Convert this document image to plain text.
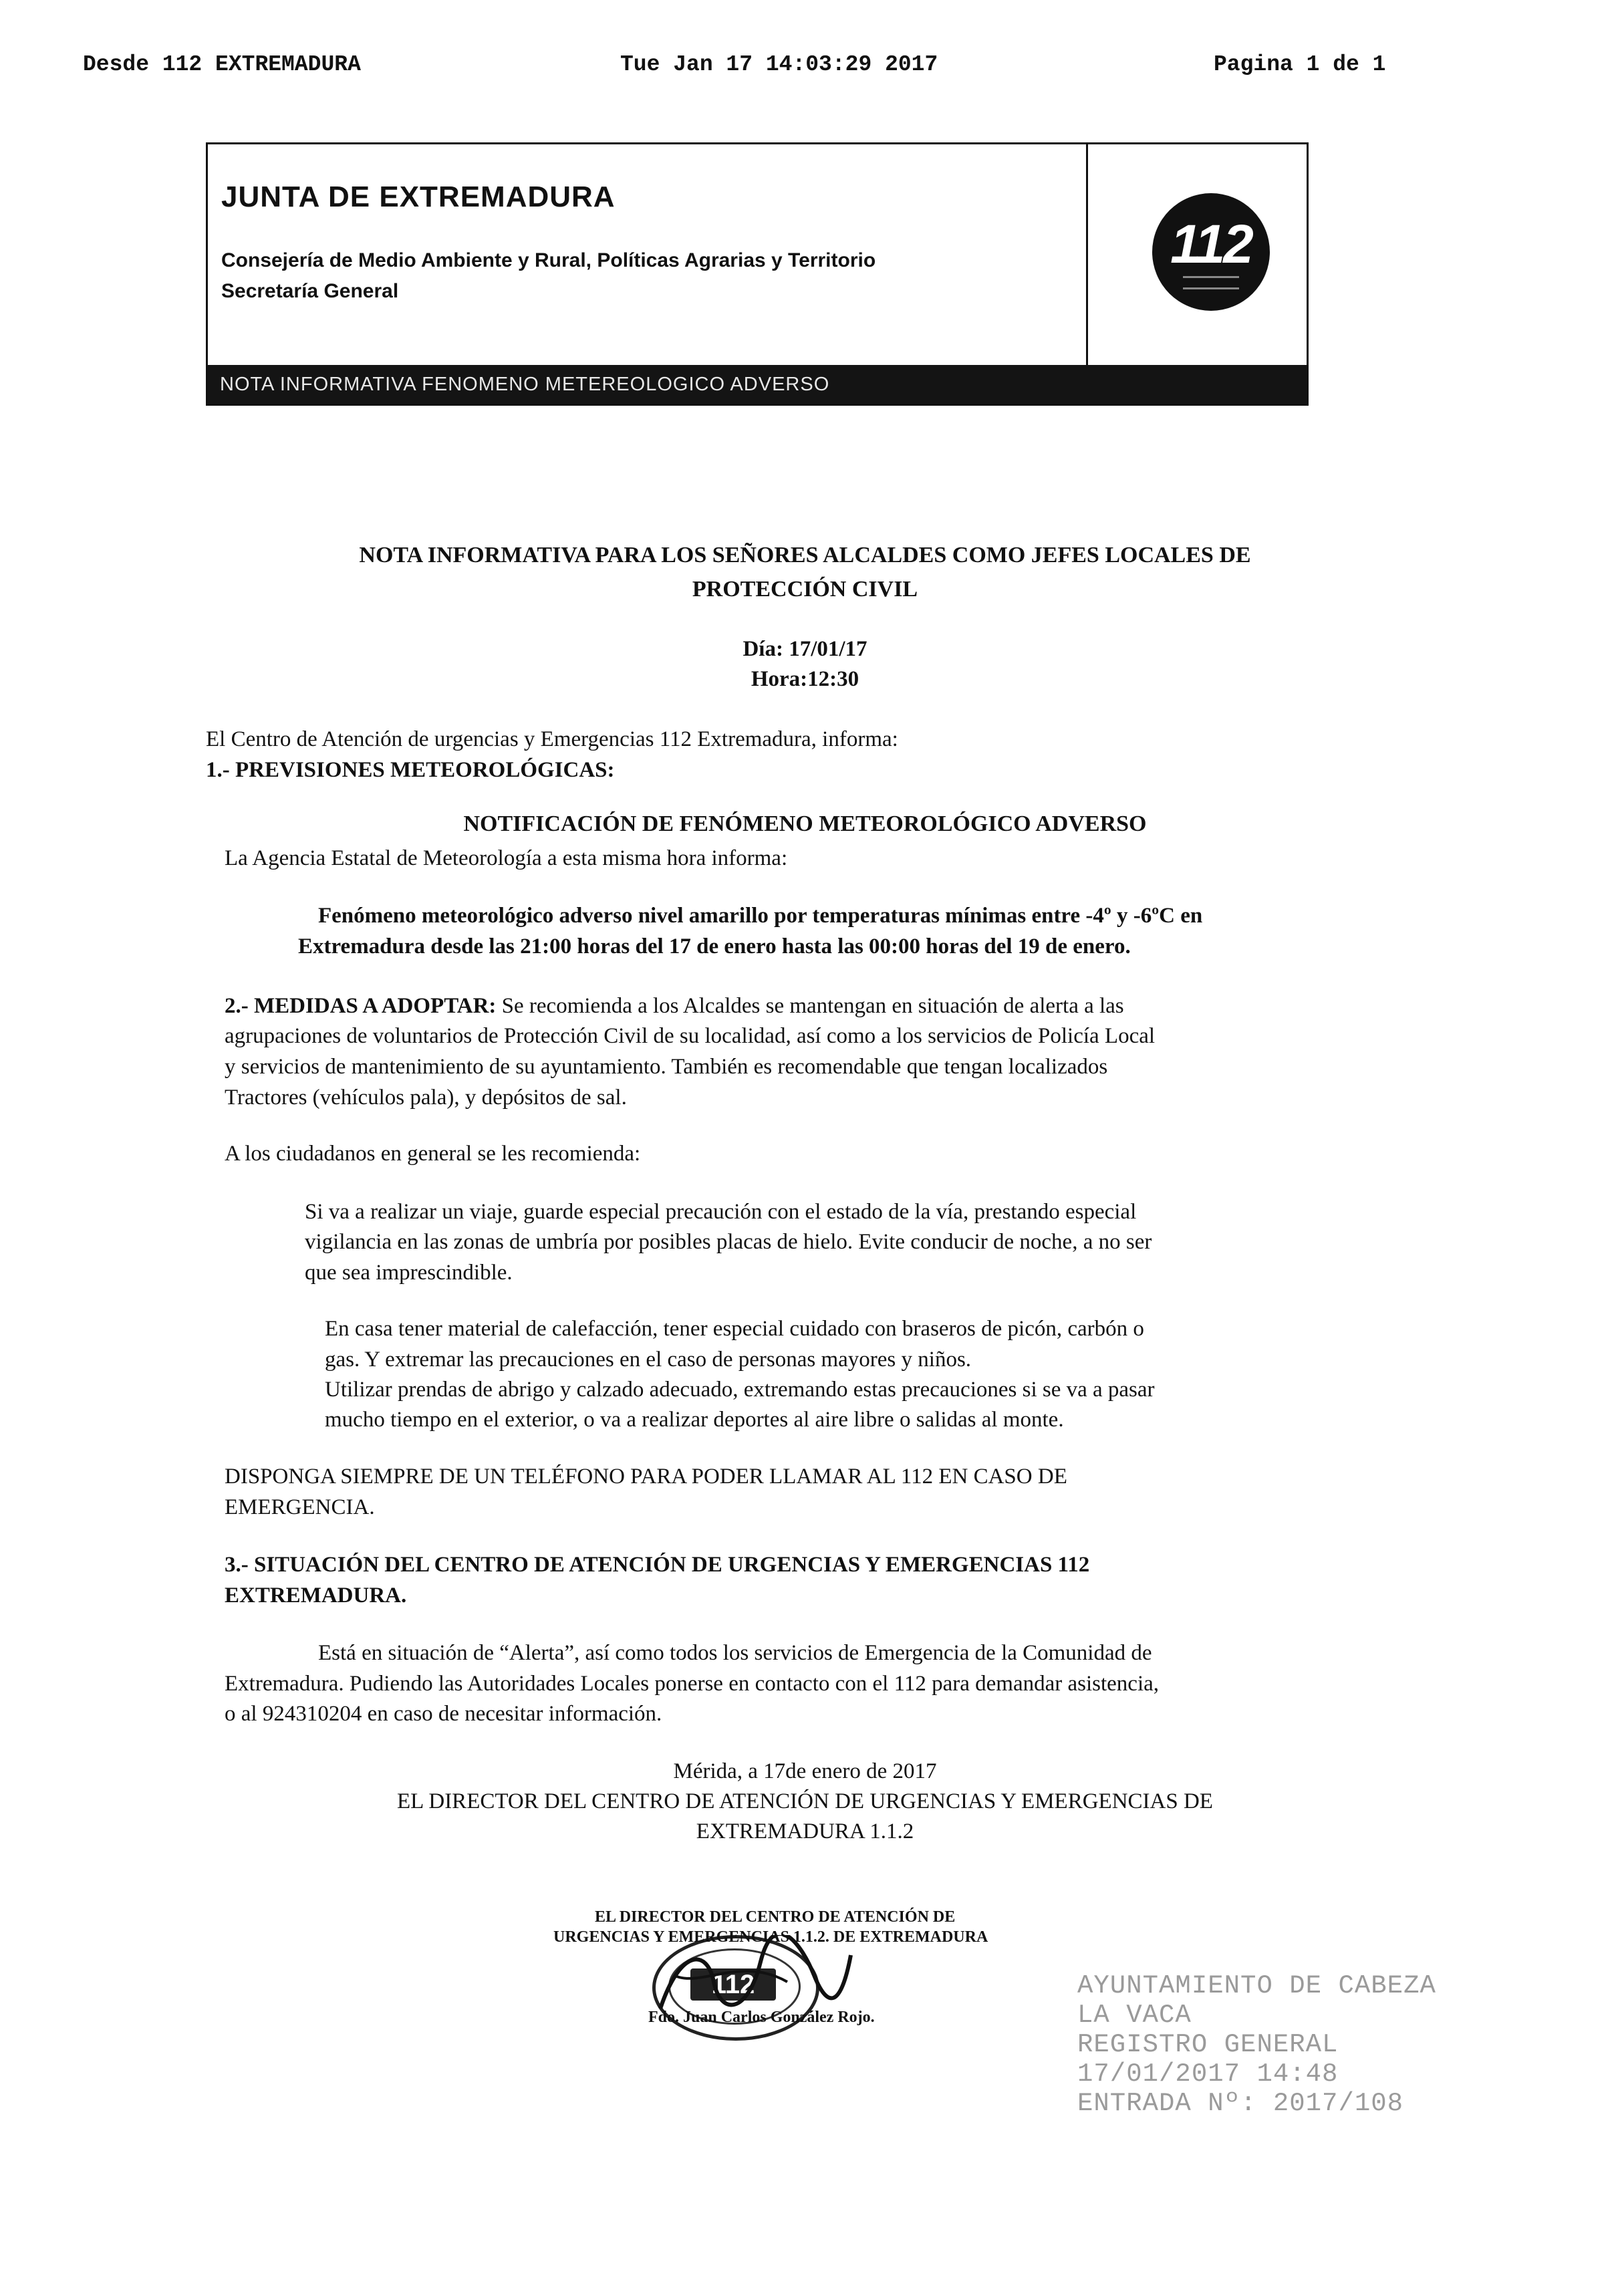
Desde 112 EXTREMADURA	Tue Jan 17 14:03:29 2017	Pagina 1 de 1
JUNTA DE EXTREMADURA
Consejería de Medio Ambiente y Rural, Políticas Agrarias y Territorio
Secretaría General
112
NOTA INFORMATIVA FENOMENO METEREOLOGICO ADVERSO
NOTA INFORMATIVA PARA LOS SEÑORES ALCALDES COMO JEFES LOCALES DE
PROTECCIÓN CIVIL
Día: 17/01/17
Hora:12:30
El Centro de Atención de urgencias y Emergencias 112 Extremadura, informa:
1.- PREVISIONES METEOROLÓGICAS:
NOTIFICACIÓN DE FENÓMENO METEOROLÓGICO ADVERSO
La Agencia Estatal de Meteorología a esta misma hora informa:
Fenómeno meteorológico adverso nivel amarillo por temperaturas mínimas entre -4º y -6ºC en
Extremadura desde las 21:00 horas del 17 de enero hasta las 00:00 horas del 19 de enero.
2.- MEDIDAS A ADOPTAR: Se recomienda a los Alcaldes se mantengan en situación de alerta a las
agrupaciones de voluntarios de Protección Civil de su localidad, así como a los servicios de Policía Local
y servicios de mantenimiento de su ayuntamiento. También es recomendable que tengan localizados
Tractores (vehículos pala), y depósitos de sal.
A los ciudadanos en general se les recomienda:
Si va a realizar un viaje, guarde especial precaución con el estado de la vía, prestando especial
vigilancia en las zonas de umbría por posibles placas de hielo. Evite conducir de noche, a no ser
que sea imprescindible.
En casa tener material de calefacción, tener especial cuidado con braseros de picón, carbón o
gas. Y extremar las precauciones en el caso de personas mayores y niños.
Utilizar prendas de abrigo y calzado adecuado, extremando estas precauciones si se va a pasar
mucho tiempo en el exterior, o va a realizar deportes al aire libre o salidas al monte.
DISPONGA SIEMPRE DE UN TELÉFONO PARA PODER LLAMAR AL 112 EN CASO DE
EMERGENCIA.
3.- SITUACIÓN DEL CENTRO DE ATENCIÓN DE URGENCIAS Y EMERGENCIAS 112
EXTREMADURA.
Está en situación de “Alerta”, así como todos los servicios de Emergencia de la Comunidad de
Extremadura. Pudiendo las Autoridades Locales ponerse en contacto con el 112 para demandar asistencia,
o al 924310204 en caso de necesitar información.
Mérida, a 17de enero de 2017
EL DIRECTOR DEL CENTRO DE ATENCIÓN DE URGENCIAS Y EMERGENCIAS DE
EXTREMADURA 1.1.2
112
EL DIRECTOR DEL CENTRO DE ATENCIÓN DE
URGENCIAS Y EMERGENCIAS 1.1.2. DE EXTREMADURA
Fdo. Juan Carlos González Rojo.
AYUNTAMIENTO DE CABEZA
LA VACA
REGISTRO GENERAL
17/01/2017 14:48
ENTRADA Nº: 2017/108
